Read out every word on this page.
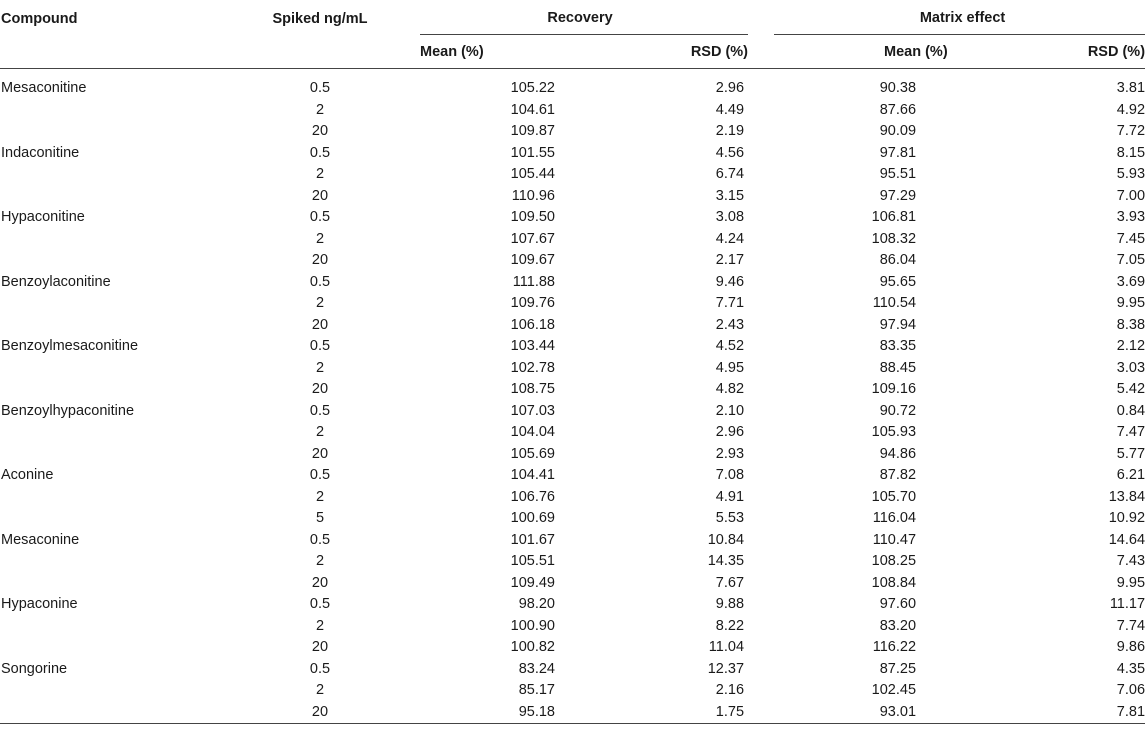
Compound	Spiked ng/mL	Recovery		Matrix effect	

		Mean (%)	RSD (%)	Mean (%)	RSD (%)
Mesaconitine	0.5	105.22	2.96	90.38	3.81
	2	104.61	4.49	87.66	4.92
	20	109.87	2.19	90.09	7.72
Indaconitine	0.5	101.55	4.56	97.81	8.15
	2	105.44	6.74	95.51	5.93
	20	110.96	3.15	97.29	7.00
Hypaconitine	0.5	109.50	3.08	106.81	3.93
	2	107.67	4.24	108.32	7.45
	20	109.67	2.17	86.04	7.05
Benzoylaconitine	0.5	111.88	9.46	95.65	3.69
	2	109.76	7.71	110.54	9.95
	20	106.18	2.43	97.94	8.38
Benzoylmesaconitine	0.5	103.44	4.52	83.35	2.12
	2	102.78	4.95	88.45	3.03
	20	108.75	4.82	109.16	5.42
Benzoylhypaconitine	0.5	107.03	2.10	90.72	0.84
	2	104.04	2.96	105.93	7.47
	20	105.69	2.93	94.86	5.77
Aconine	0.5	104.41	7.08	87.82	6.21
	2	106.76	4.91	105.70	13.84
	5	100.69	5.53	116.04	10.92
Mesaconine	0.5	101.67	10.84	110.47	14.64
	2	105.51	14.35	108.25	7.43
	20	109.49	7.67	108.84	9.95
Hypaconine	0.5	98.20	9.88	97.60	11.17
	2	100.90	8.22	83.20	7.74
	20	100.82	11.04	116.22	9.86
Songorine	0.5	83.24	12.37	87.25	4.35
	2	85.17	2.16	102.45	7.06
	20	95.18	1.75	93.01	7.81
